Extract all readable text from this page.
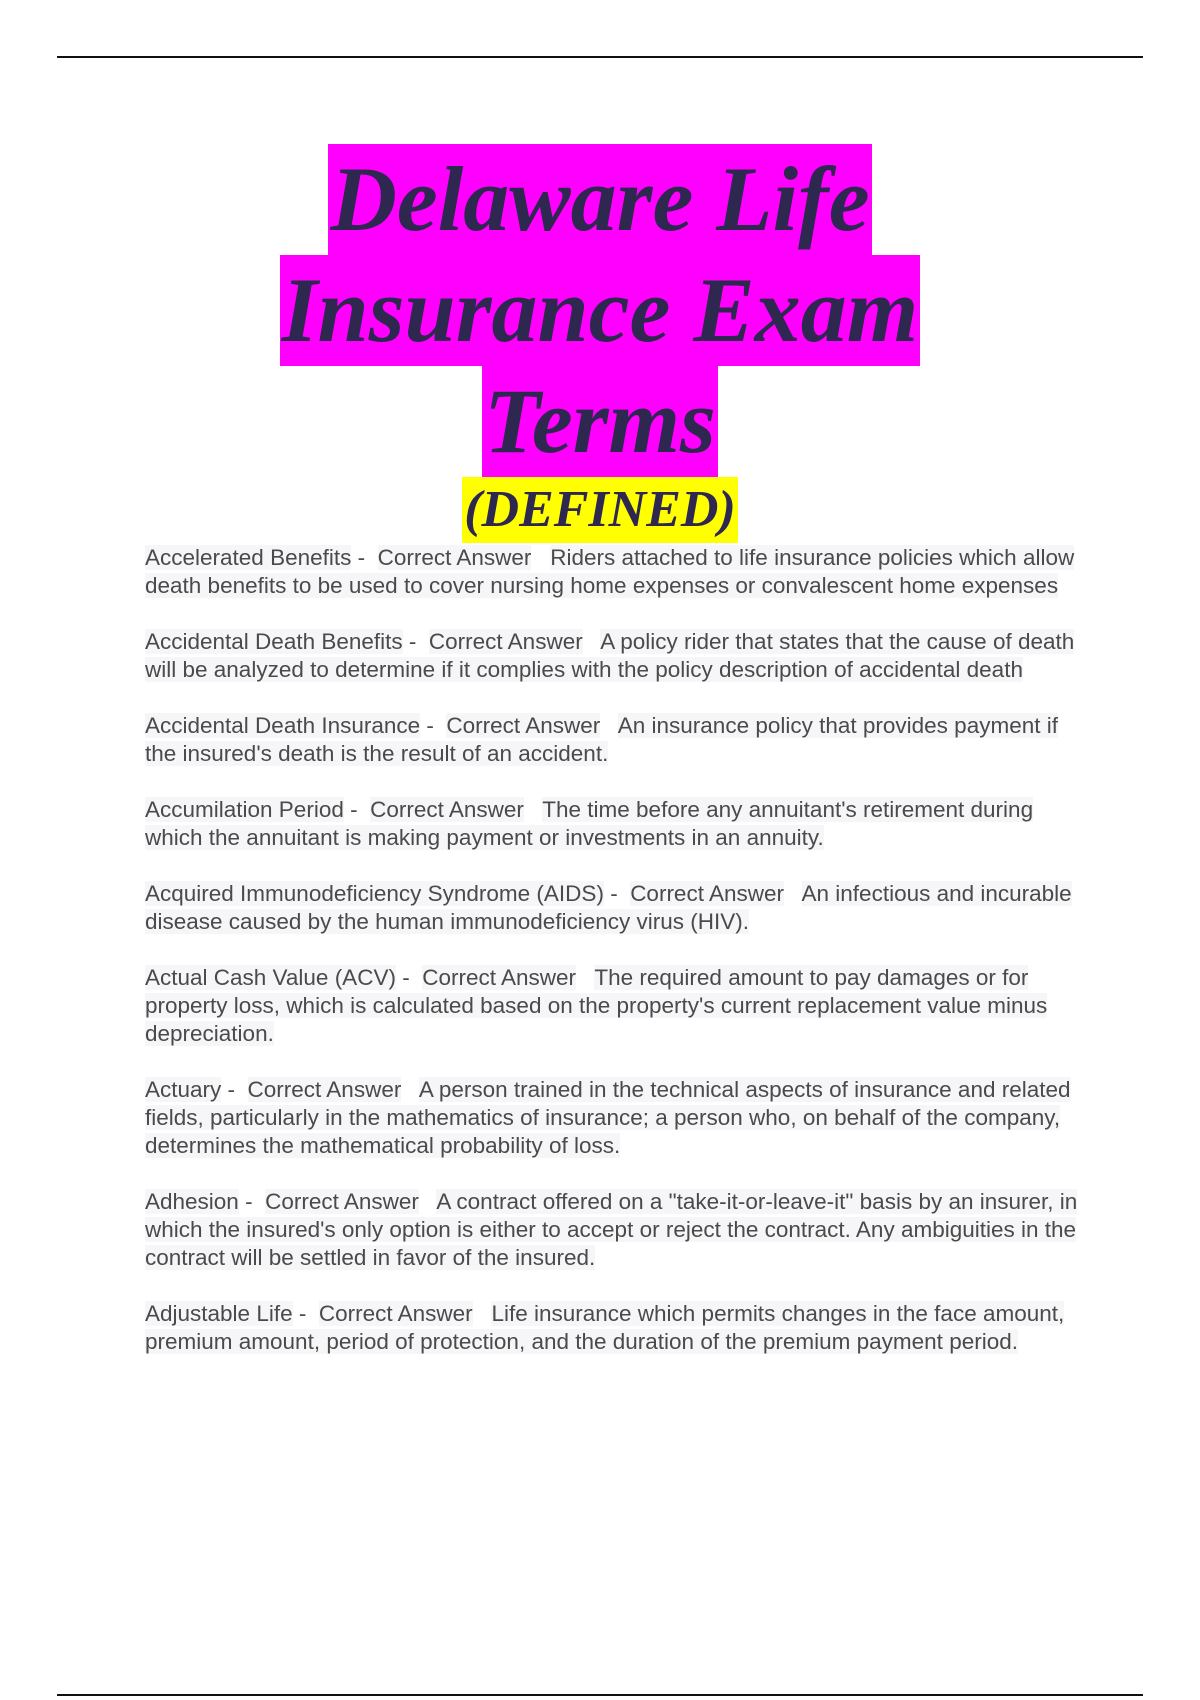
Delaware Life
Insurance Exam
Terms
(DEFINED)

Accelerated Benefits -  Correct Answer Riders attached to life insurance policies which allow death benefits to be used to cover nursing home expenses or convalescent home expenses

Accidental Death Benefits -  Correct Answer A policy rider that states that the cause of death will be analyzed to determine if it complies with the policy description of accidental death

Accidental Death Insurance -  Correct Answer An insurance policy that provides payment if the insured's death is the result of an accident.

Accumilation Period -  Correct Answer The time before any annuitant's retirement during which the annuitant is making payment or investments in an annuity.

Acquired Immunodeficiency Syndrome (AIDS) -  Correct Answer An infectious and incurable disease caused by the human immunodeficiency virus (HIV).

Actual Cash Value (ACV) -  Correct Answer The required amount to pay damages or for property loss, which is calculated based on the property's current replacement value minus depreciation.

Actuary -  Correct Answer A person trained in the technical aspects of insurance and related fields, particularly in the mathematics of insurance; a person who, on behalf of the company, determines the mathematical probability of loss.

Adhesion -  Correct Answer A contract offered on a "take-it-or-leave-it" basis by an insurer, in which the insured's only option is either to accept or reject the contract. Any ambiguities in the contract will be settled in favor of the insured.

Adjustable Life -  Correct Answer Life insurance which permits changes in the face amount, premium amount, period of protection, and the duration of the premium payment period.
